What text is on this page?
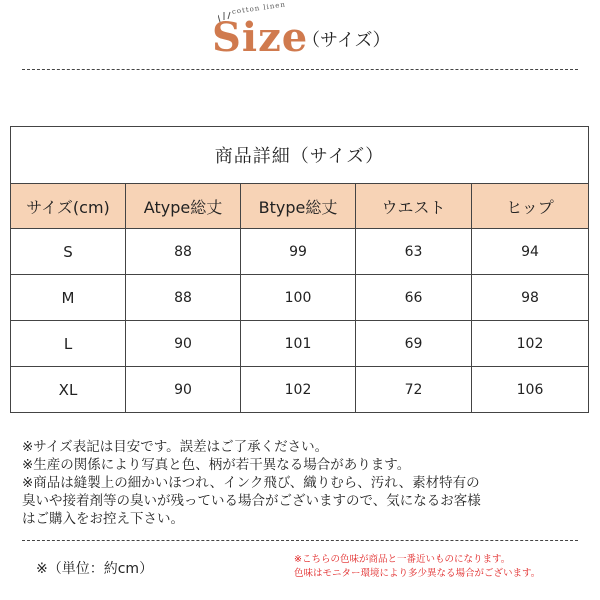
cotton linen
Size
（サイズ）
商品詳細（サイズ）				
サイズ(cm)	Atype総丈	Btype総丈	ウエスト	ヒップ
S	88	99	63	94
M	88	100	66	98
L	90	101	69	102
XL	90	102	72	106
※サイズ表記は目安です。誤差はご了承ください。
※生産の関係により写真と色、柄が若干異なる場合があります。
※商品は縫製上の細かいほつれ、インク飛び、織りむら、汚れ、素材特有の
臭いや接着剤等の臭いが残っている場合がございますので、気になるお客様
はご購入をお控え下さい。
※（単位：約cm）
※こちらの色味が商品と一番近いものになります。
色味はモニター環境により多少異なる場合がございます。
